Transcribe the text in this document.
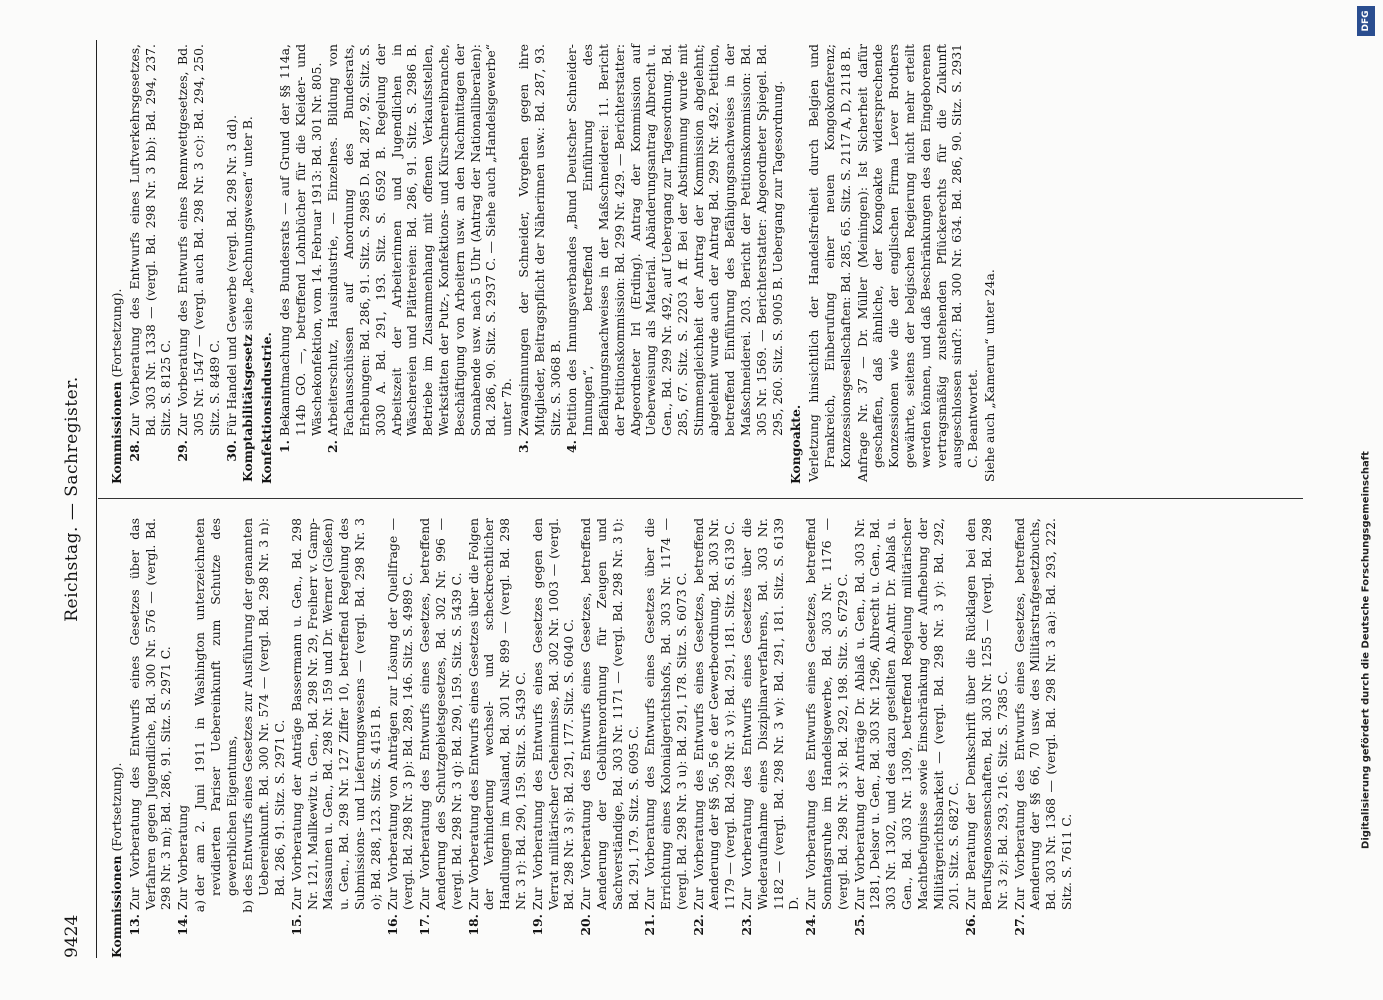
9424
Reichstag. — Sachregister.
Kommissionen (Fortsetzung).
13.
Zur Vorberatung des Entwurfs eines Gesetzes über das Verfahren gegen Jugendliche, Bd. 300 Nr. 576 — (vergl. Bd. 298 Nr. 3 m); Bd. 286, 91. Sitz. S. 2971 C.
14.
Zur Vorberatung a)
der am 2. Juni 1911 in Washington unterzeichneten revidierten Pariser Uebereinkunft zum Schutze des gewerblichen Eigentums,
b)
des Entwurfs eines Gesetzes zur Ausführung der genannten Uebereinkunft. Bd. 300 Nr. 574 — (vergl. Bd. 298 Nr. 3 n): Bd. 286, 91. Sitz. S. 2971 C.
15.
Zur Vorberatung der Anträge Bassermann u. Gen., Bd. 298 Nr. 121, Mallkewitz u. Gen., Bd. 298 Nr. 29, Freiherr v. Gamp-Massaunen u. Gen., Bd. 298 Nr. 159 und Dr. Werner (Gießen) u. Gen., Bd. 298 Nr. 127 Ziffer 10, betreffend Regelung des Submissions- und Lieferungswesens — (vergl. Bd. 298 Nr. 3 o); Bd. 288, 123. Sitz. S. 4151 B.
16.
Zur Vorberatung von Anträgen zur Lösung der Quellfrage — (vergl. Bd. 298 Nr. 3 p): Bd. 289, 146. Sitz. S. 4989 C.
17.
Zur Vorberatung des Entwurfs eines Gesetzes, betreffend Aenderung des Schutzgebietsgesetzes, Bd. 302 Nr. 996 — (vergl. Bd. 298 Nr. 3 q): Bd. 290, 159. Sitz. S. 5439 C.
18.
Zur Vorberatung des Entwurfs eines Gesetzes über die Folgen der Verhinderung wechsel- und scheckrechtlicher Handlungen im Ausland, Bd. 301 Nr. 899 — (vergl. Bd. 298 Nr. 3 r): Bd. 290, 159. Sitz. S. 5439 C.
19.
Zur Vorberatung des Entwurfs eines Gesetzes gegen den Verrat militärischer Geheimnisse, Bd. 302 Nr. 1003 — (vergl. Bd. 298 Nr. 3 s): Bd. 291, 177. Sitz. S. 6040 C.
20.
Zur Vorberatung des Entwurfs eines Gesetzes, betreffend Aenderung der Gebührenordnung für Zeugen und Sachverständige, Bd. 303 Nr. 1171 — (vergl. Bd. 298 Nr. 3 t): Bd. 291, 179. Sitz. S. 6095 C.
21.
Zur Vorberatung des Entwurfs eines Gesetzes über die Errichtung eines Kolonialgerichtshofs, Bd. 303 Nr. 1174 — (vergl. Bd. 298 Nr. 3 u): Bd. 291, 178. Sitz. S. 6073 C.
22.
Zur Vorberatung des Entwurfs eines Gesetzes, betreffend Aenderung der §§ 56, 56 e der Gewerbeordnung, Bd. 303 Nr. 1179 — (vergl. Bd. 298 Nr. 3 v): Bd. 291, 181. Sitz. S. 6139 C.
23.
Zur Vorberatung des Entwurfs eines Gesetzes über die Wiederaufnahme eines Disziplinarverfahrens, Bd. 303 Nr. 1182 — (vergl. Bd. 298 Nr. 3 w): Bd. 291, 181. Sitz. S. 6139 D.
24.
Zur Vorberatung des Entwurfs eines Gesetzes, betreffend Sonntagsruhe im Handelsgewerbe, Bd. 303 Nr. 1176 — (vergl. Bd. 298 Nr. 3 x): Bd. 292, 198. Sitz. S. 6729 C.
25.
Zur Vorberatung der Anträge Dr. Ablaß u. Gen., Bd. 303 Nr. 1281, Delsor u. Gen., Bd. 303 Nr. 1296, Albrecht u. Gen., Bd. 303 Nr. 1302, und des dazu gestellten Ab.Antr. Dr. Ablaß u. Gen., Bd. 303 Nr. 1309, betreffend Regelung militärischer Machtbefugnisse sowie Einschränkung oder Aufhebung der Militärgerichtsbarkeit — (vergl. Bd. 298 Nr. 3 y): Bd. 292, 201. Sitz. S. 6827 C.
26.
Zur Beratung der Denkschrift über die Rücklagen bei den Berufsgenossenschaften, Bd. 303 Nr. 1255 — (vergl. Bd. 298 Nr. 3 z): Bd. 293, 216. Sitz. S. 7385 C.
27.
Zur Vorberatung des Entwurfs eines Gesetzes, betreffend Aenderung der §§ 66, 70 usw. des Militärstrafgesetzbuchs, Bd. 303 Nr. 1368 — (vergl. Bd. 298 Nr. 3 aa): Bd. 293, 222. Sitz. S. 7611 C.
Kommissionen (Fortsetzung).
28.
Zur Vorberatung des Entwurfs eines Luftverkehrsgesetzes, Bd. 303 Nr. 1338 — (vergl. Bd. 298 Nr. 3 bb): Bd. 294, 237. Sitz. S. 8125 C.
29.
Zur Vorberatung des Entwurfs eines Rennwettgesetzes, Bd. 305 Nr. 1547 — (vergl. auch Bd. 298 Nr. 3 cc): Bd. 294, 250. Sitz. S. 8489 C.
30.
Für Handel und Gewerbe (vergl. Bd. 298 Nr. 3 dd). Komptabilitätsgesetz siehe „Rechnungswesen“ unter B.
Konfektionsindustrie. 1.
Bekanntmachung des Bundesrats — auf Grund der §§ 114a, 114b GO. —, betreffend Lohnbücher für die Kleider- und Wäschekonfektion, vom 14. Februar 1913: Bd. 301 Nr. 805.
2.
Arbeiterschutz, Hausindustrie, — Einzelnes. Bildung von Fachausschüssen auf Anordnung des Bundesrats, Erhebungen: Bd. 286, 91. Sitz. S. 2985 D. Bd. 287, 92. Sitz. S. 3030 A. Bd. 291, 193. Sitz. S. 6592 B. Regelung der Arbeitszeit der Arbeiterinnen und Jugendlichen in Wäschereien und Plättereien: Bd. 286, 91. Sitz. S. 2986 B. Betriebe im Zusammenhang mit offenen Verkaufsstellen, Werkstätten der Putz-, Konfektions- und Kürschnereibranche, Beschäftigung von Arbeitern usw. an den Nachmittagen der Sonnabende usw. nach 5 Uhr (Antrag der Nationalliberalen): Bd. 286, 90. Sitz. S. 2937 C. — Siehe auch „Handelsgewerbe“ unter 7b.
3.
Zwangsinnungen der Schneider, Vorgehen gegen ihre Mitglieder, Beitragspflicht der Näherinnen usw.: Bd. 287, 93. Sitz. S. 3068 B.
4.
Petition des Innungsverbandes „Bund Deutscher Schneider-Innungen“, betreffend Einführung des Befähigungsnachweises in der Maßschneiderei: 11. Bericht der Petitionskommission: Bd. 299 Nr. 429. — Berichterstatter: Abgeordneter Irl (Erding). Antrag der Kommission auf Ueberweisung als Material. Abänderungsantrag Albrecht u. Gen., Bd. 299 Nr. 492, auf Uebergang zur Tagesordnung. Bd. 285, 67. Sitz. S. 2203 A ff. Bei der Abstimmung wurde mit Stimmengleichheit der Antrag der Kommission abgelehnt; abgelehnt wurde auch der Antrag Bd. 299 Nr. 492. Petition, betreffend Einführung des Befähigungsnachweises in der Maßschneiderei. 203. Bericht der Petitionskommission: Bd. 305 Nr. 1569. — Berichterstatter: Abgeordneter Spiegel. Bd. 295, 260. Sitz. S. 9005 B. Uebergang zur Tagesordnung.
Kongoakte. Verletzung hinsichtlich der Handelsfreiheit durch Belgien und Frankreich, Einberufung einer neuen Kongokonferenz; Konzessionsgesellschaften: Bd. 285, 65. Sitz. S. 2117 A, D, 2118 B. Anfrage Nr. 37 — Dr. Müller (Meiningen): Ist Sicherheit dafür geschaffen, daß ähnliche, der Kongoakte widersprechende Konzessionen wie die der englischen Firma Lever Brothers gewährte, seitens der belgischen Regierung nicht mehr erteilt werden können, und daß Beschränkungen des den Eingeborenen vertragsmäßig zustehenden Pflückerechts für die Zukunft ausgeschlossen sind?: Bd. 300 Nr. 634. Bd. 286, 90. Sitz. S. 2931 C. Beantwortet. Siehe auch „Kamerun“ unter 24a.
DFG
Digitalisierung gefördert durch die Deutsche Forschungsgemeinschaft
